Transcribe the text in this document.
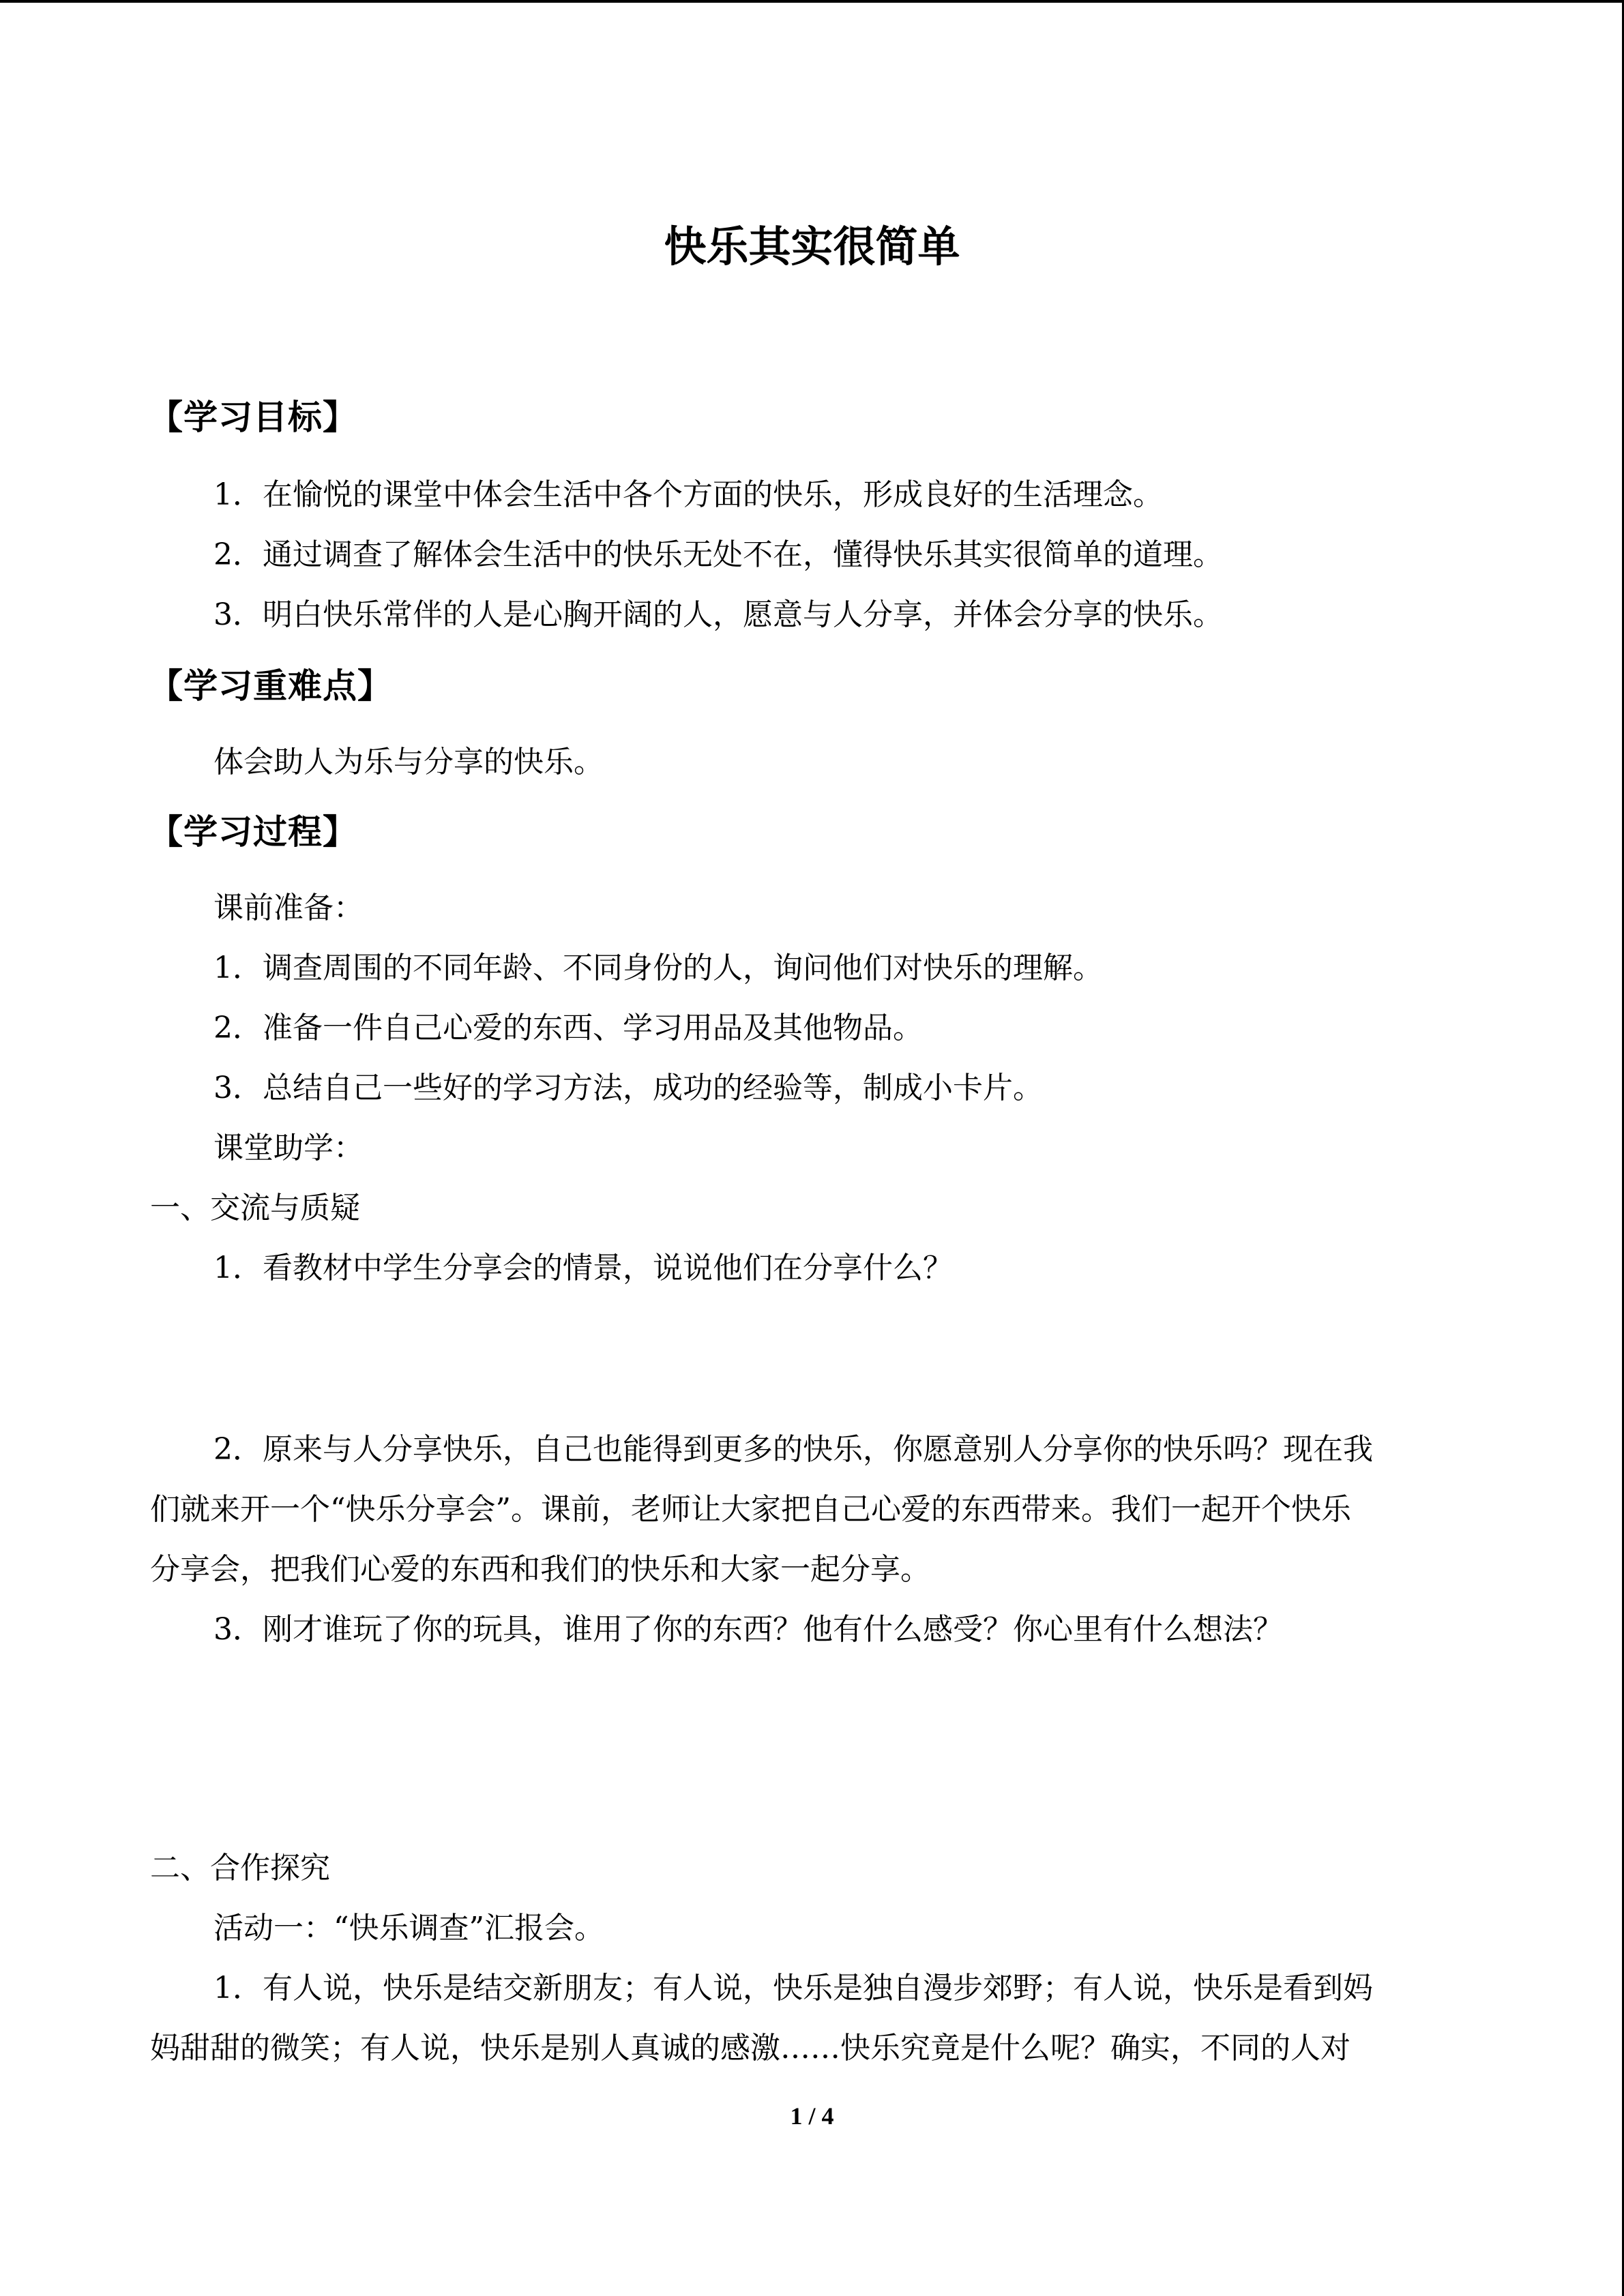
快乐其实很简单
【学习目标】
1．在愉悦的课堂中体会生活中各个方面的快乐，形成良好的生活理念。
2．通过调查了解体会生活中的快乐无处不在，懂得快乐其实很简单的道理。
3．明白快乐常伴的人是心胸开阔的人，愿意与人分享，并体会分享的快乐。
【学习重难点】
体会助人为乐与分享的快乐。
【学习过程】
课前准备：
1．调查周围的不同年龄、不同身份的人，询问他们对快乐的理解。
2．准备一件自己心爱的东西、学习用品及其他物品。
3．总结自己一些好的学习方法，成功的经验等，制成小卡片。
课堂助学：
一、交流与质疑
1．看教材中学生分享会的情景，说说他们在分享什么？
2．原来与人分享快乐，自己也能得到更多的快乐，你愿意别人分享你的快乐吗？现在我
们就来开一个“快乐分享会”。课前，老师让大家把自己心爱的东西带来。我们一起开个快乐
分享会，把我们心爱的东西和我们的快乐和大家一起分享。
3．刚才谁玩了你的玩具，谁用了你的东西？他有什么感受？你心里有什么想法？
二、合作探究
活动一：“快乐调查”汇报会。
1．有人说，快乐是结交新朋友；有人说，快乐是独自漫步郊野；有人说，快乐是看到妈
妈甜甜的微笑；有人说，快乐是别人真诚的感激……快乐究竟是什么呢？确实，不同的人对
1 / 4
